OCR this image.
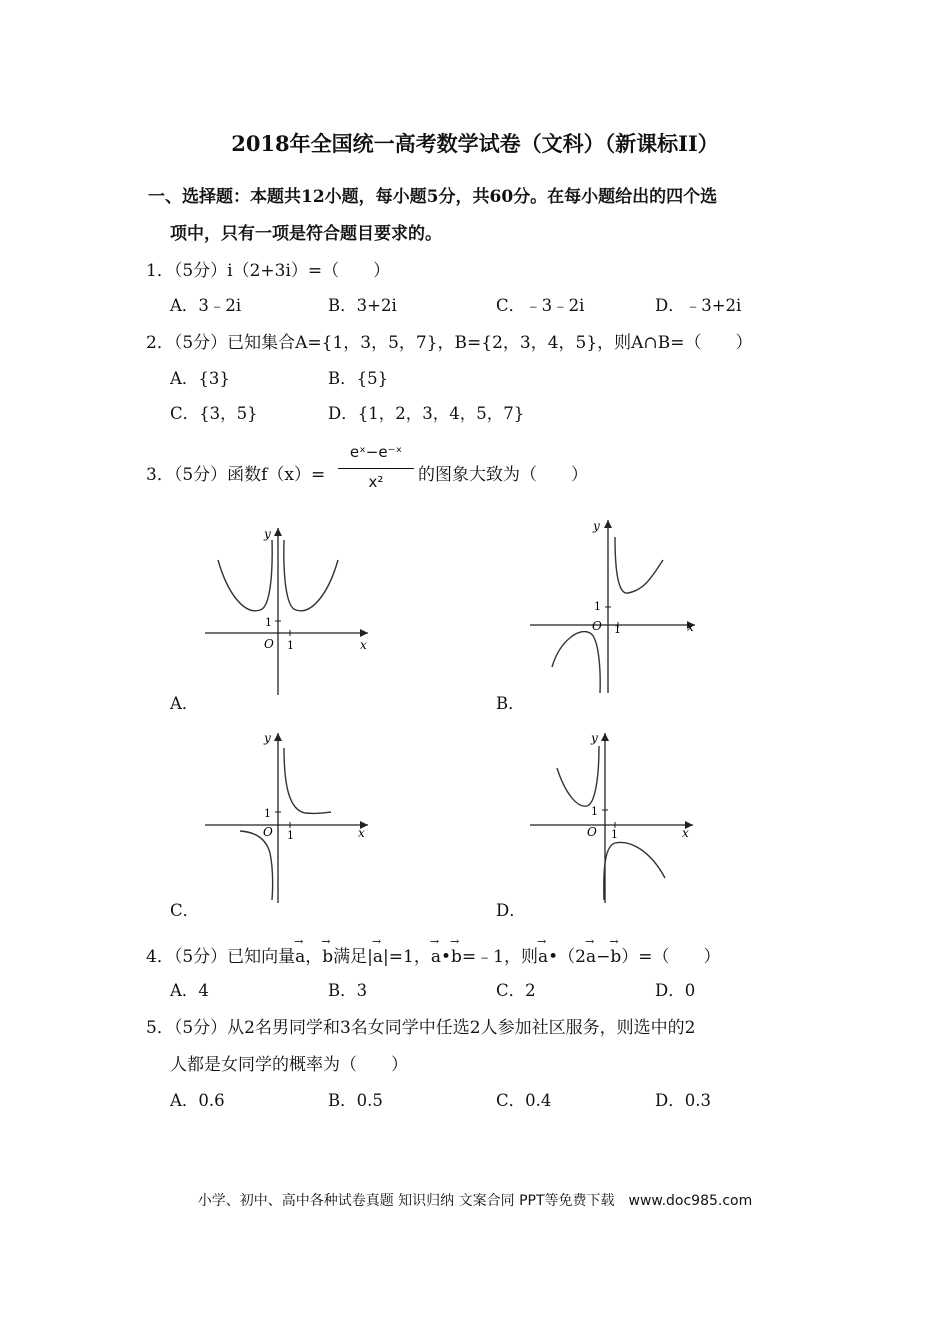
2018年全国统一高考数学试卷（文科）（新课标II）
一、选择题：本题共12小题，每小题5分，共60分。在每小题给出的四个选
项中，只有一项是符合题目要求的。
1．（5分）i（2+3i）=（　　）
A．3﹣2i	B．3+2i	C．﹣3﹣2i	D．﹣3+2i
2．（5分）已知集合A={1，3，5，7}，B={2，3，4，5}，则A∩B=（　　）
A．{3}	B．{5}
C．{3，5}	D．{1，2，3，4，5，7}
3．（5分）函数f（x）=
eˣ−e⁻ˣ
x²	的图象大致为（　　）
y
x
O 1
1
A．
y
x
O 1
1
B．
y
x
O 1
1
C．
y
x
O 1
1
D．
4．（5分）已知向量→ a，→ b满足|→ a|=1，→ a•→ b=﹣1，则→ a•（2→ a−→ b）=（　　）
A．4	B．3	C．2	D．0
5．（5分）从2名男同学和3名女同学中任选2人参加社区服务，则选中的2
人都是女同学的概率为（　　）
A．0.6	B．0.5	C．0.4	D．0.3
小学、初中、高中各种试卷真题 知识归纳 文案合同 PPT等免费下载　www.doc985.com
